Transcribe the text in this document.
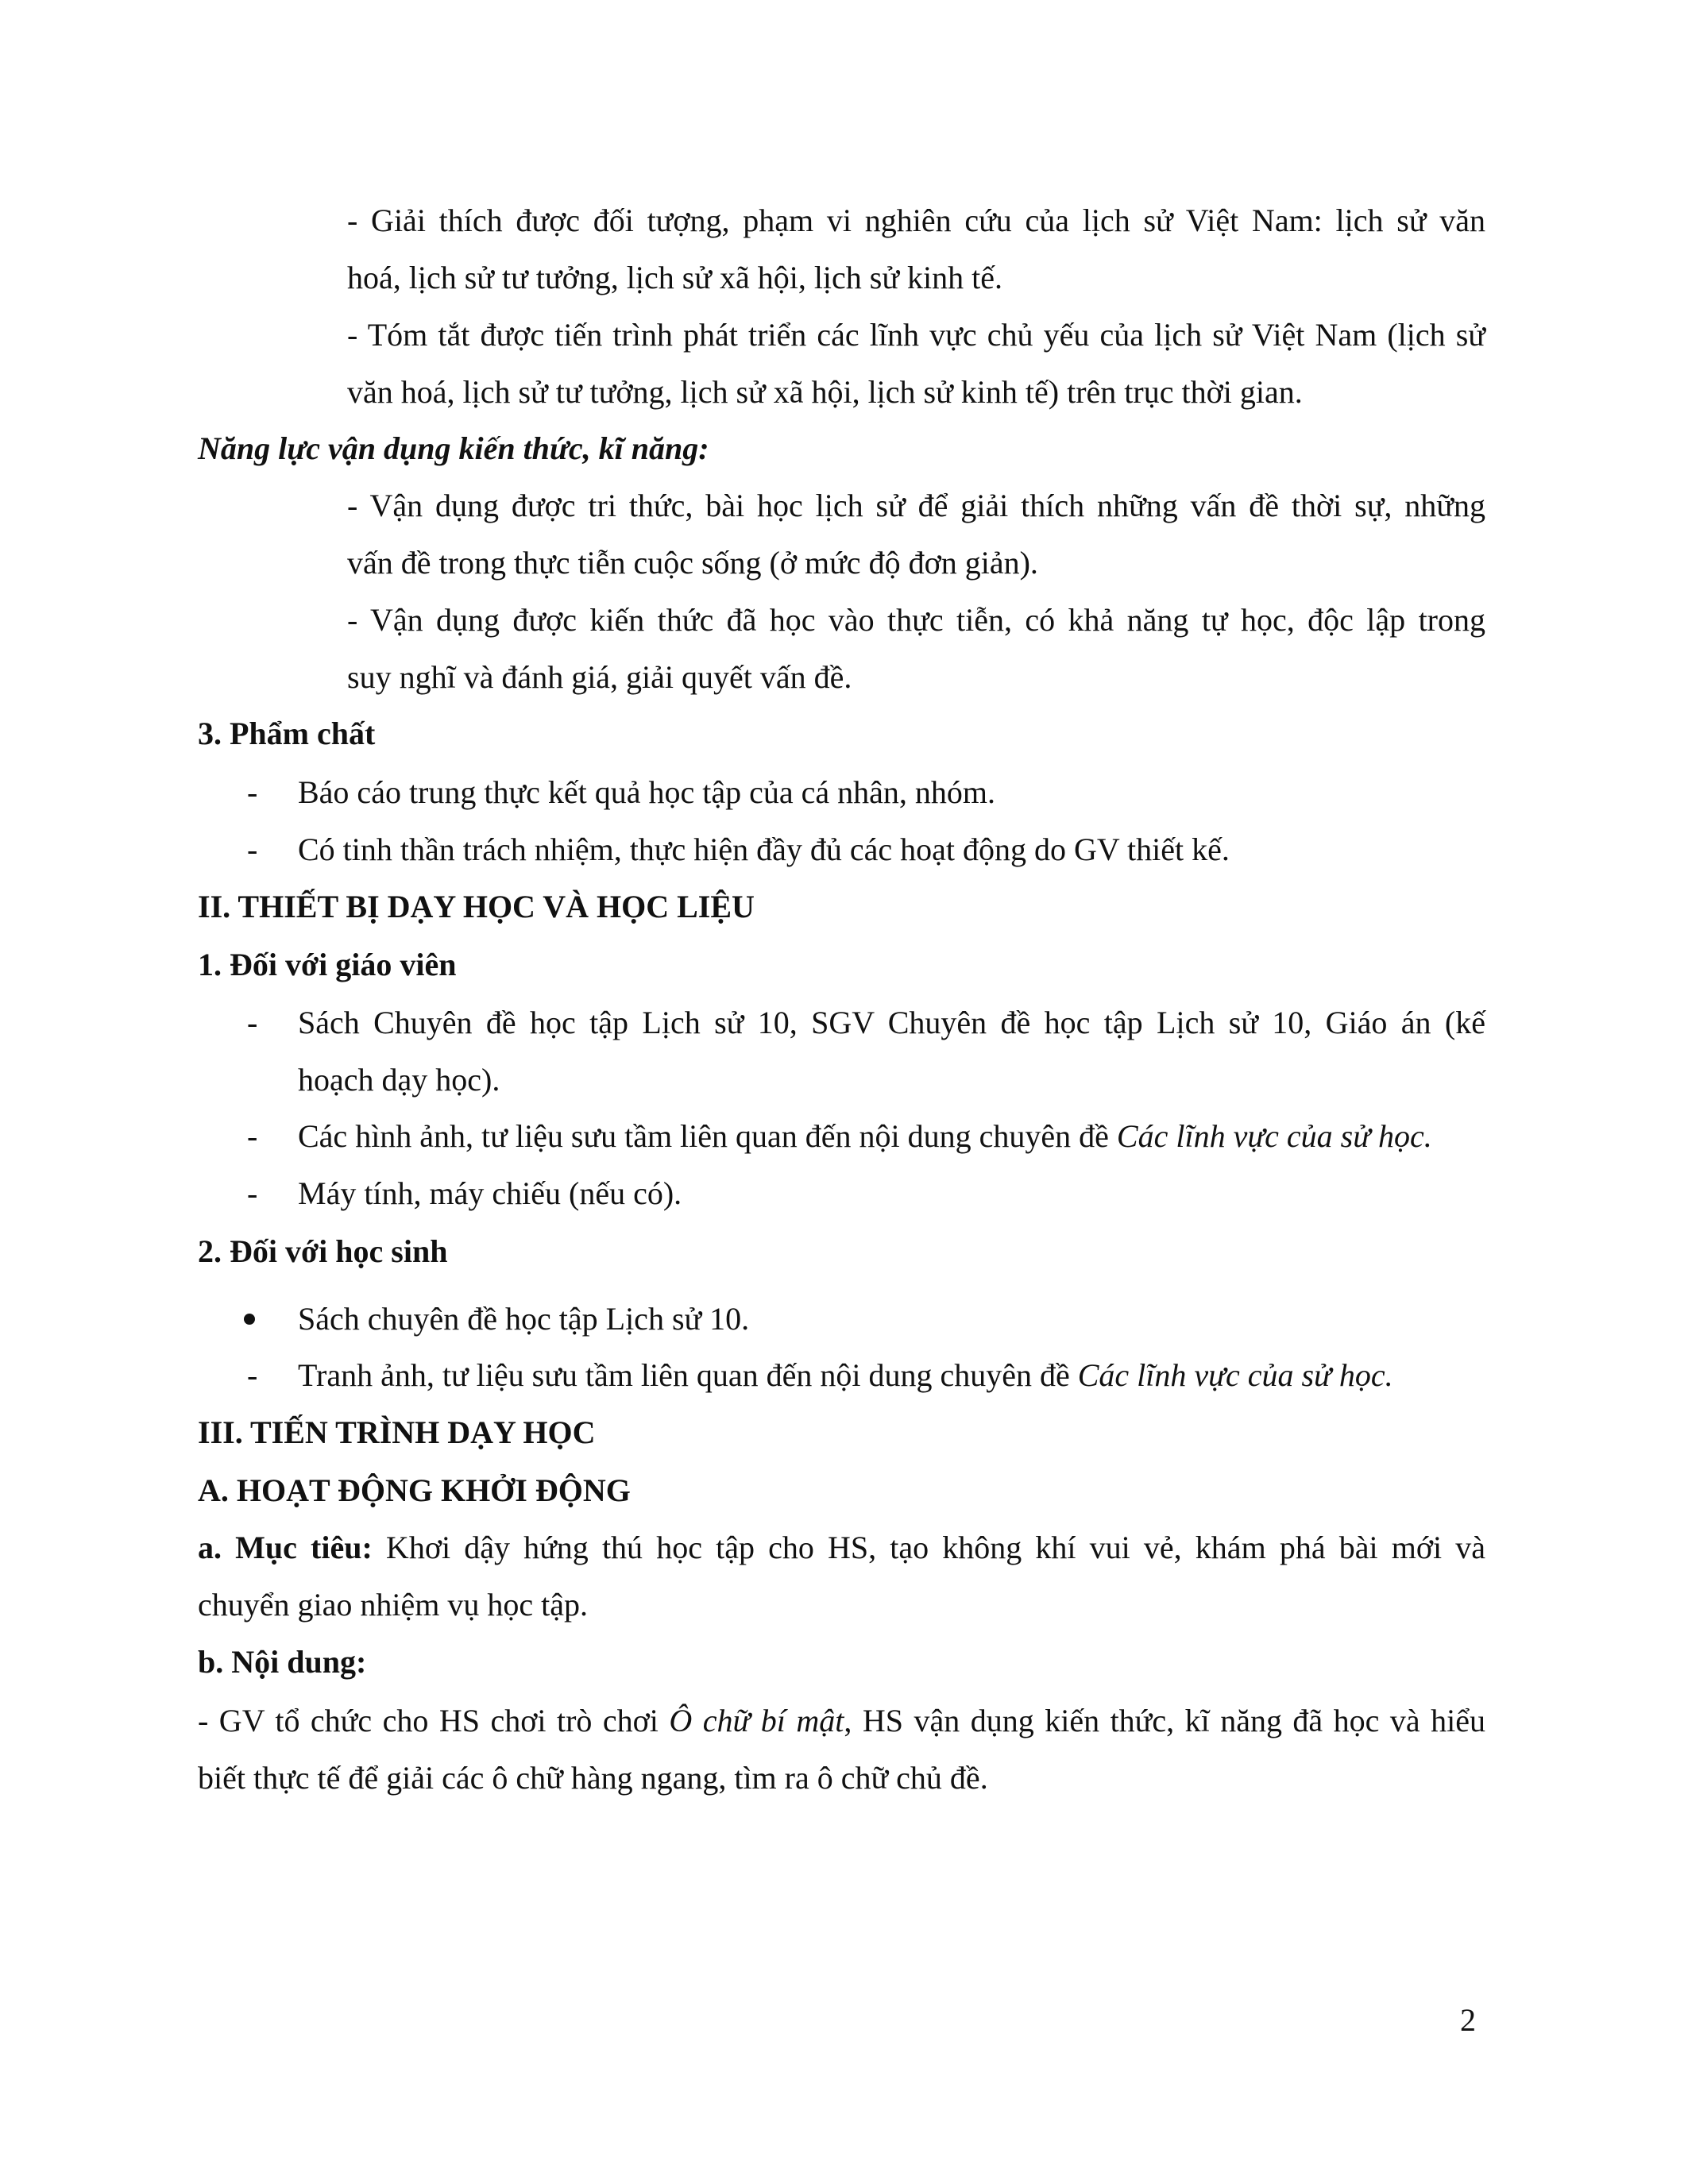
- Giải thích được đối tượng, phạm vi nghiên cứu của lịch sử Việt Nam: lịch sử văn
hoá, lịch sử tư tưởng, lịch sử xã hội, lịch sử kinh tế.
- Tóm tắt được tiến trình phát triển các lĩnh vực chủ yếu của lịch sử Việt Nam (lịch sử
văn hoá, lịch sử tư tưởng, lịch sử xã hội, lịch sử kinh tế) trên trục thời gian.
Năng lực vận dụng kiến thức, kĩ năng:
- Vận dụng được tri thức, bài học lịch sử để giải thích những vấn đề thời sự, những
vấn đề trong thực tiễn cuộc sống (ở mức độ đơn giản).
- Vận dụng được kiến thức đã học vào thực tiễn, có khả năng tự học, độc lập trong
suy nghĩ và đánh giá, giải quyết vấn đề.
3. Phẩm chất
-	Báo cáo trung thực kết quả học tập của cá nhân, nhóm.
-	Có tinh thần trách nhiệm, thực hiện đầy đủ các hoạt động do GV thiết kế.
II. THIẾT BỊ DẠY HỌC VÀ HỌC LIỆU
1. Đối với giáo viên
-	Sách Chuyên đề học tập Lịch sử 10, SGV Chuyên đề học tập Lịch sử 10, Giáo án (kế
hoạch dạy học).
-	Các hình ảnh, tư liệu sưu tầm liên quan đến nội dung chuyên đề Các lĩnh vực của sử học.
-	Máy tính, máy chiếu (nếu có).
2. Đối với học sinh
Sách chuyên đề học tập Lịch sử 10.
-	Tranh ảnh, tư liệu sưu tầm liên quan đến nội dung chuyên đề Các lĩnh vực của sử học.
III. TIẾN TRÌNH DẠY HỌC
A. HOẠT ĐỘNG KHỞI ĐỘNG
a. Mục tiêu: Khơi dậy hứng thú học tập cho HS, tạo không khí vui vẻ, khám phá bài mới và
chuyển giao nhiệm vụ học tập.
b. Nội dung:
- GV tổ chức cho HS chơi trò chơi Ô chữ bí mật, HS vận dụng kiến thức, kĩ năng đã học và hiểu
biết thực tế để giải các ô chữ hàng ngang, tìm ra ô chữ chủ đề.
2
